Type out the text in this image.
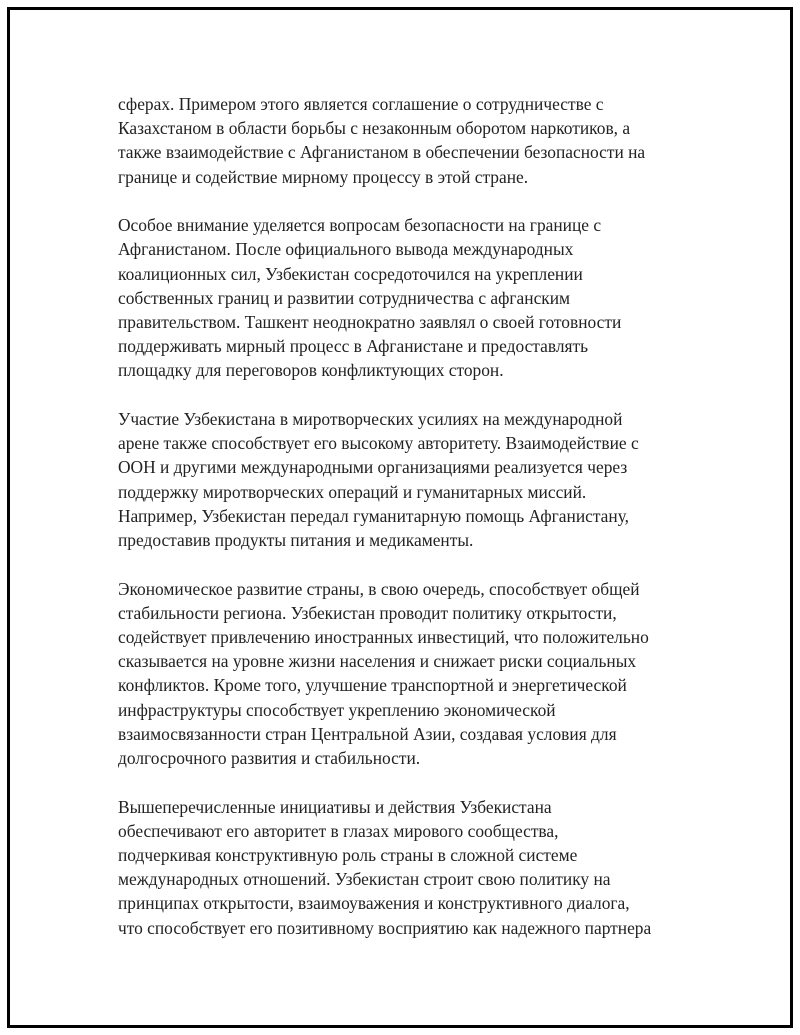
сферах. Примером этого является соглашение о сотрудничестве с
Казахстаном в области борьбы с незаконным оборотом наркотиков, а
также взаимодействие с Афганистаном в обеспечении безопасности на
границе и содействие мирному процессу в этой стране.

Особое внимание уделяется вопросам безопасности на границе с
Афганистаном. После официального вывода международных
коалиционных сил, Узбекистан сосредоточился на укреплении
собственных границ и развитии сотрудничества с афганским
правительством. Ташкент неоднократно заявлял о своей готовности
поддерживать мирный процесс в Афганистане и предоставлять
площадку для переговоров конфликтующих сторон.

Участие Узбекистана в миротворческих усилиях на международной
арене также способствует его высокому авторитету. Взаимодействие с
ООН и другими международными организациями реализуется через
поддержку миротворческих операций и гуманитарных миссий.
Например, Узбекистан передал гуманитарную помощь Афганистану,
предоставив продукты питания и медикаменты.

Экономическое развитие страны, в свою очередь, способствует общей
стабильности региона. Узбекистан проводит политику открытости,
содействует привлечению иностранных инвестиций, что положительно
сказывается на уровне жизни населения и снижает риски социальных
конфликтов. Кроме того, улучшение транспортной и энергетической
инфраструктуры способствует укреплению экономической
взаимосвязанности стран Центральной Азии, создавая условия для
долгосрочного развития и стабильности.

Вышеперечисленные инициативы и действия Узбекистана
обеспечивают его авторитет в глазах мирового сообщества,
подчеркивая конструктивную роль страны в сложной системе
международных отношений. Узбекистан строит свою политику на
принципах открытости, взаимоуважения и конструктивного диалога,
что способствует его позитивному восприятию как надежного партнера
